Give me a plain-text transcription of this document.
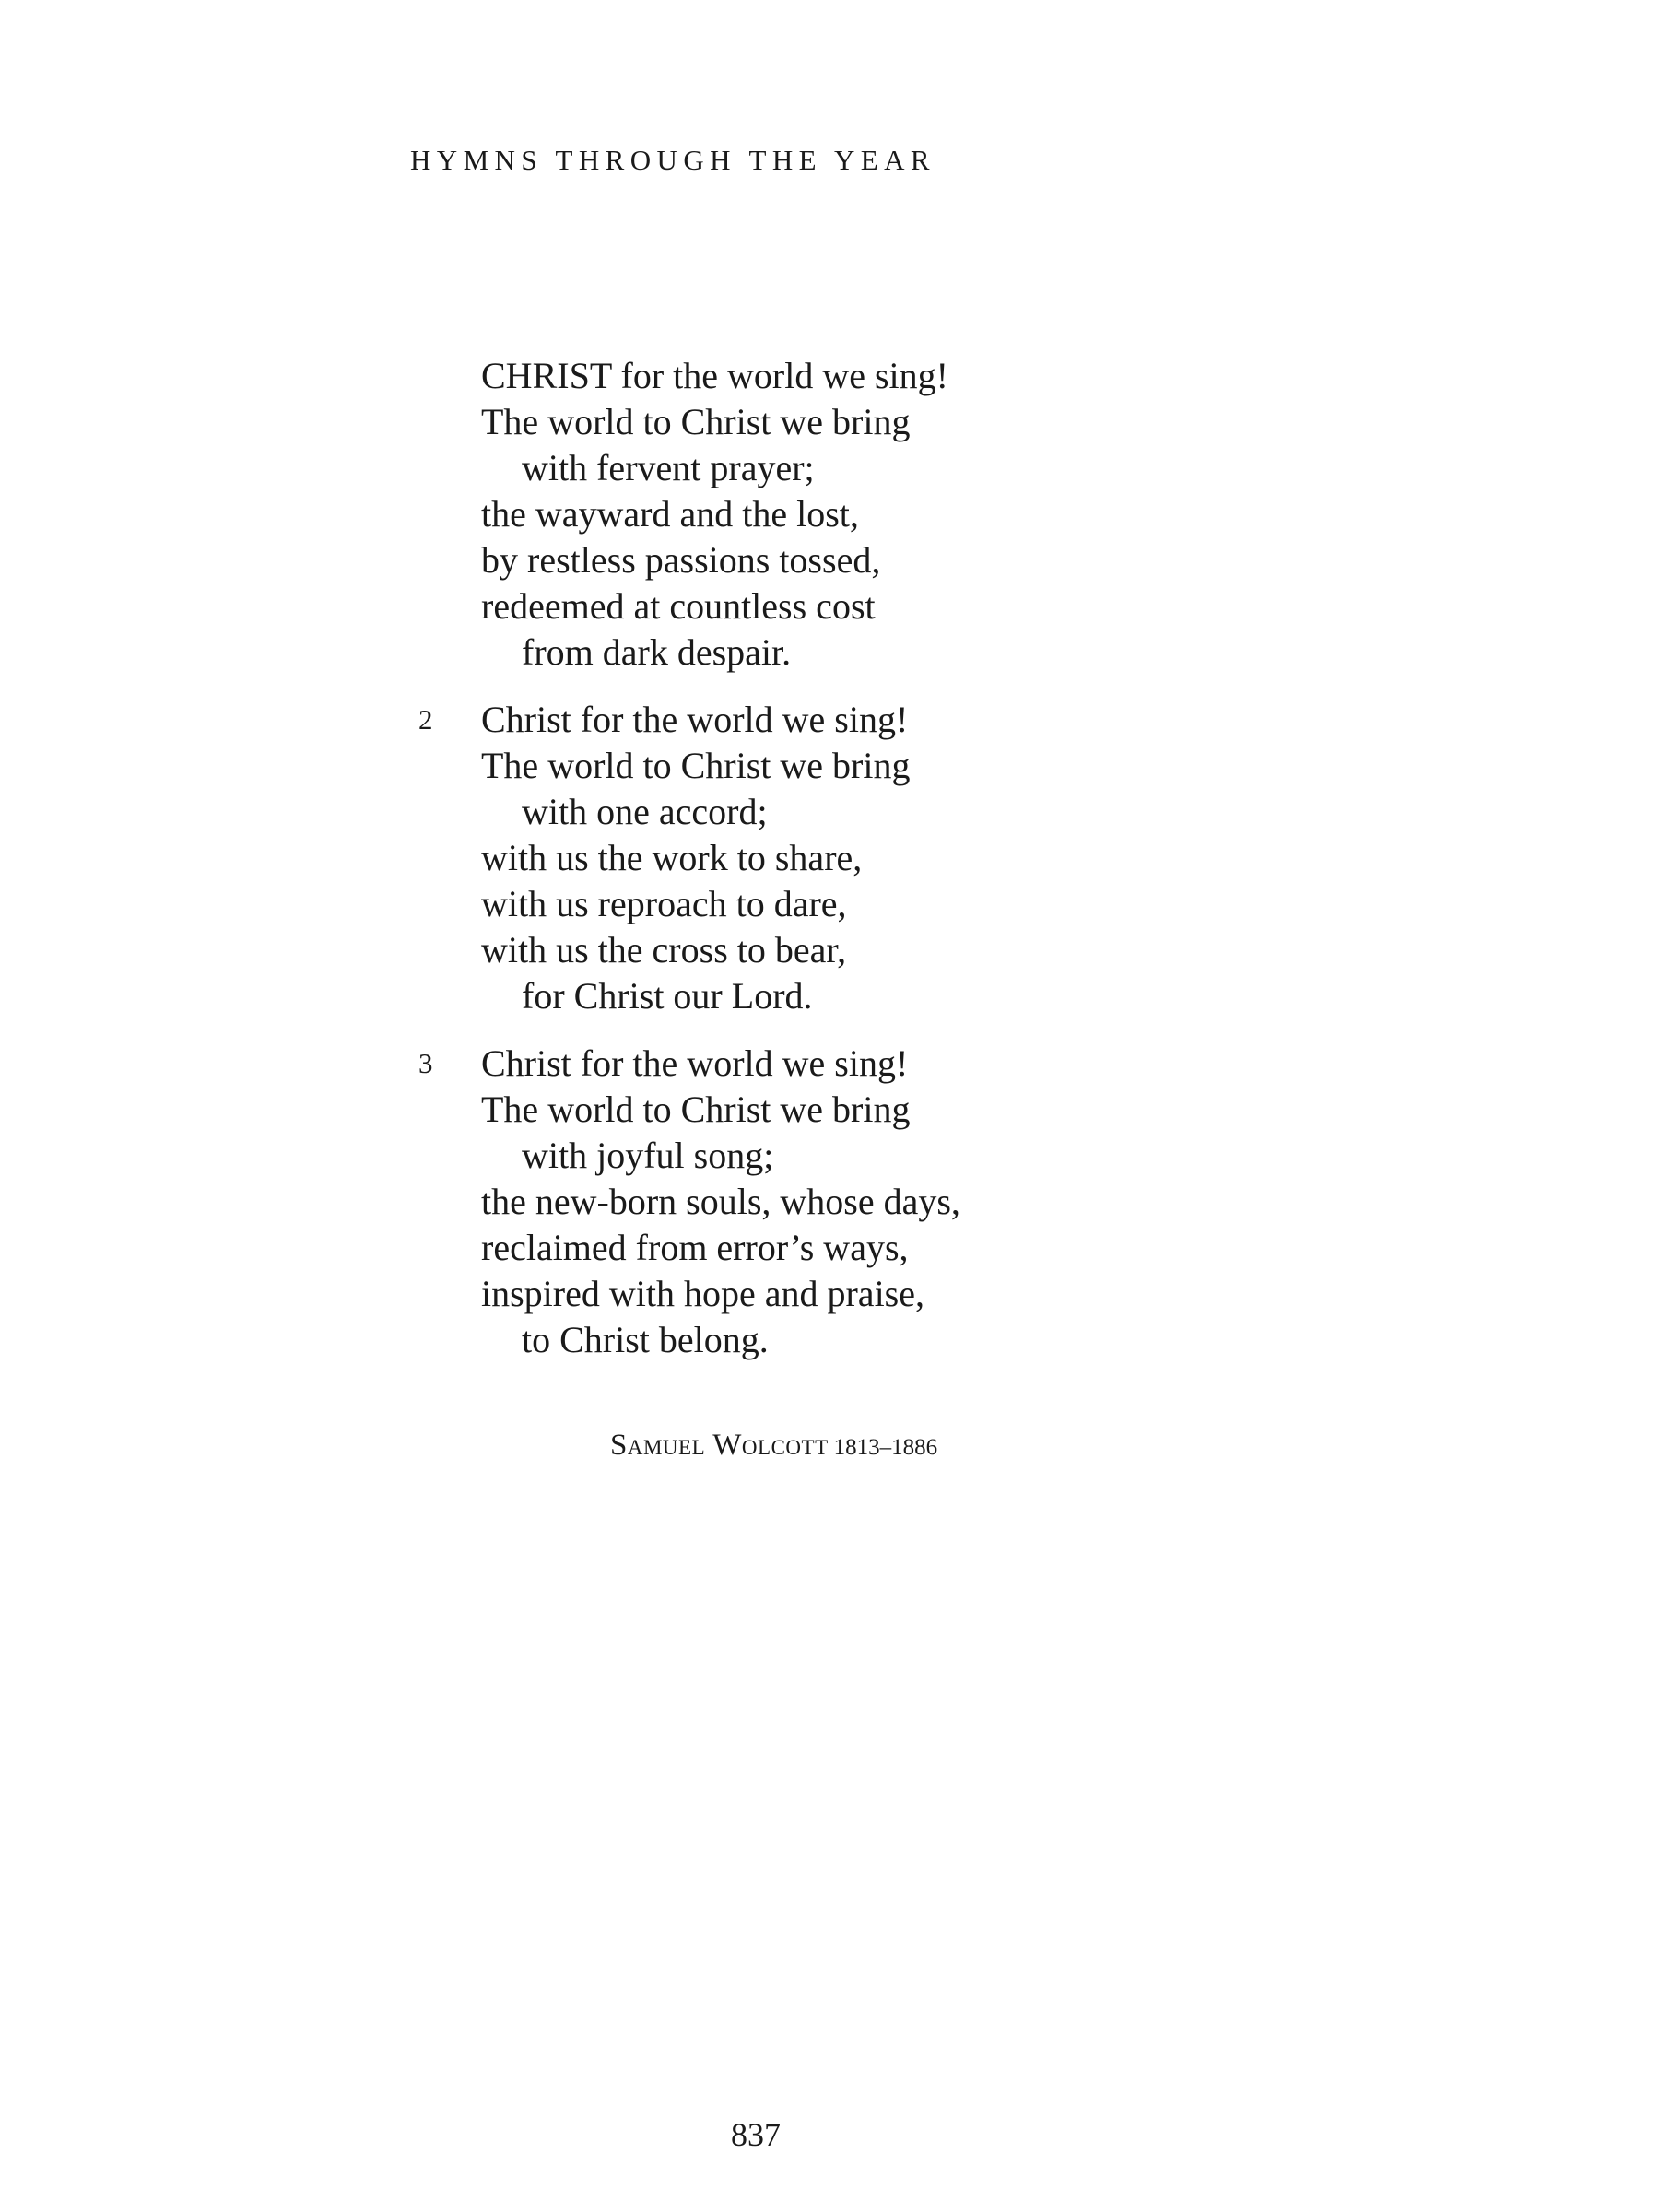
HYMNS THROUGH THE YEAR
CHRIST for the world we sing!
The world to Christ we bring
with fervent prayer;
the wayward and the lost,
by restless passions tossed,
redeemed at countless cost
from dark despair.
2 Christ for the world we sing!
The world to Christ we bring
with one accord;
with us the work to share,
with us reproach to dare,
with us the cross to bear,
for Christ our Lord.
3 Christ for the world we sing!
The world to Christ we bring
with joyful song;
the new-born souls, whose days,
reclaimed from error’s ways,
inspired with hope and praise,
to Christ belong.
Samuel Wolcott 1813–1886
837
